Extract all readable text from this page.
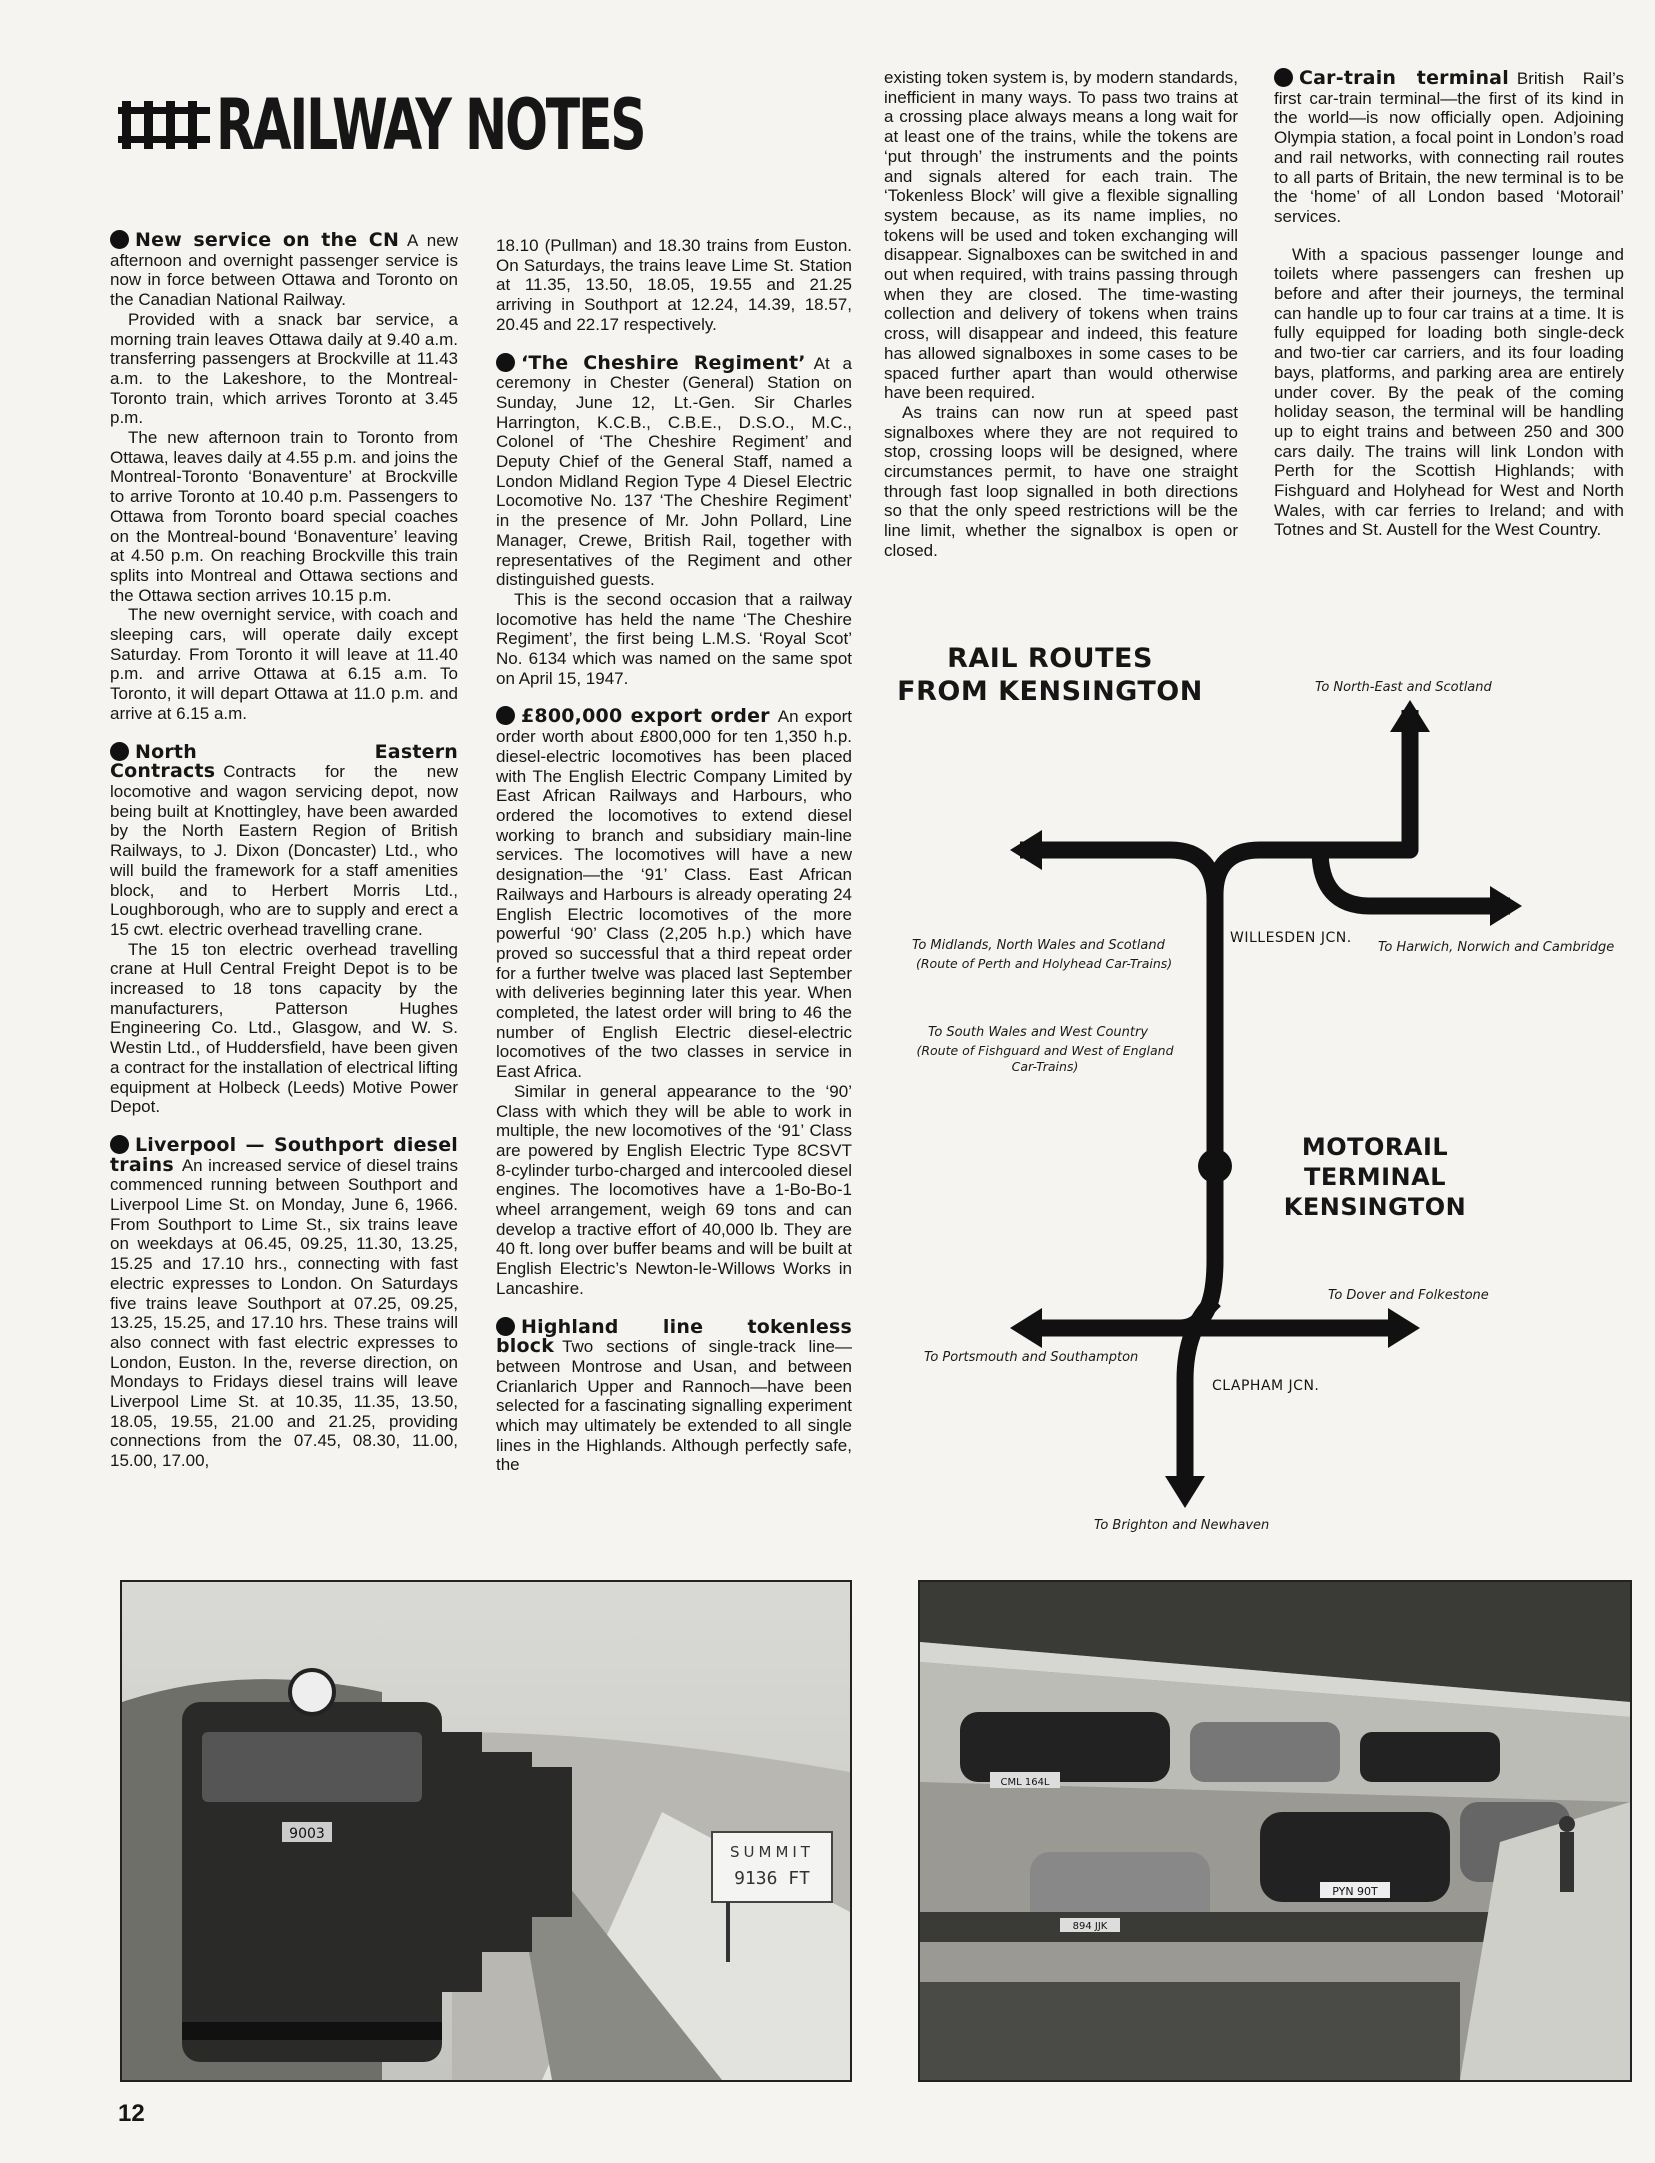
RAILWAY NOTES

New service on the CN A new afternoon and overnight passenger service is now in force between Ottawa and Toronto on the Canadian National Railway.

Provided with a snack bar service, a morning train leaves Ottawa daily at 9.40 a.m. transferring passengers at Brockville at 11.43 a.m. to the Lakeshore, to the Montreal-Toronto train, which arrives Toronto at 3.45 p.m.

The new afternoon train to Toronto from Ottawa, leaves daily at 4.55 p.m. and joins the Montreal-Toronto ‘Bonaventure’ at Brockville to arrive Toronto at 10.40 p.m. Passengers to Ottawa from Toronto board special coaches on the Montreal-bound ‘Bonaventure’ leaving at 4.50 p.m. On reaching Brockville this train splits into Montreal and Ottawa sections and the Ottawa section arrives 10.15 p.m.

The new overnight service, with coach and sleeping cars, will operate daily except Saturday. From Toronto it will leave at 11.40 p.m. and arrive Ottawa at 6.15 a.m. To Toronto, it will depart Ottawa at 11.0 p.m. and arrive at 6.15 a.m.

North Eastern Contracts Contracts for the new locomotive and wagon servicing depot, now being built at Knottingley, have been awarded by the North Eastern Region of British Railways, to J. Dixon (Doncaster) Ltd., who will build the framework for a staff amenities block, and to Herbert Morris Ltd., Loughborough, who are to supply and erect a 15 cwt. electric overhead travelling crane.

The 15 ton electric overhead travelling crane at Hull Central Freight Depot is to be increased to 18 tons capacity by the manufacturers, Patterson Hughes Engineering Co. Ltd., Glasgow, and W. S. Westin Ltd., of Huddersfield, have been given a contract for the installation of electrical lifting equipment at Holbeck (Leeds) Motive Power Depot.

Liverpool — Southport diesel trains An increased service of diesel trains commenced running between Southport and Liverpool Lime St. on Monday, June 6, 1966. From Southport to Lime St., six trains leave on weekdays at 06.45, 09.25, 11.30, 13.25, 15.25 and 17.10 hrs., connecting with fast electric expresses to London. On Saturdays five trains leave Southport at 07.25, 09.25, 13.25, 15.25, and 17.10 hrs. These trains will also connect with fast electric expresses to London, Euston. In the, reverse direction, on Mondays to Fridays diesel trains will leave Liverpool Lime St. at 10.35, 11.35, 13.50, 18.05, 19.55, 21.00 and 21.25, providing connections from the 07.45, 08.30, 11.00, 15.00, 17.00,

18.10 (Pullman) and 18.30 trains from Euston. On Saturdays, the trains leave Lime St. Station at 11.35, 13.50, 18.05, 19.55 and 21.25 arriving in Southport at 12.24, 14.39, 18.57, 20.45 and 22.17 respectively.

‘The Cheshire Regiment’ At a ceremony in Chester (General) Station on Sunday, June 12, Lt.-Gen. Sir Charles Harrington, K.C.B., C.B.E., D.S.O., M.C., Colonel of ‘The Cheshire Regiment’ and Deputy Chief of the General Staff, named a London Midland Region Type 4 Diesel Electric Locomotive No. 137 ‘The Cheshire Regiment’ in the presence of Mr. John Pollard, Line Manager, Crewe, British Rail, together with representatives of the Regiment and other distinguished guests.

This is the second occasion that a railway locomotive has held the name ‘The Cheshire Regiment’, the first being L.M.S. ‘Royal Scot’ No. 6134 which was named on the same spot on April 15, 1947.

£800,000 export order An export order worth about £800,000 for ten 1,350 h.p. diesel-electric locomotives has been placed with The English Electric Company Limited by East African Railways and Harbours, who ordered the locomotives to extend diesel working to branch and subsidiary main-line services. The locomotives will have a new designation—the ‘91’ Class. East African Railways and Harbours is already operating 24 English Electric locomotives of the more powerful ‘90’ Class (2,205 h.p.) which have proved so successful that a third repeat order for a further twelve was placed last September with deliveries beginning later this year. When completed, the latest order will bring to 46 the number of English Electric diesel-electric locomotives of the two classes in service in East Africa.

Similar in general appearance to the ‘90’ Class with which they will be able to work in multiple, the new locomotives of the ‘91’ Class are powered by English Electric Type 8CSVT 8-cylinder turbo-charged and intercooled diesel engines. The locomotives have a 1-Bo-Bo-1 wheel arrangement, weigh 69 tons and can develop a tractive effort of 40,000 lb. They are 40 ft. long over buffer beams and will be built at English Electric’s Newton-le-Willows Works in Lancashire.

Highland line tokenless block Two sections of single-track line—between Montrose and Usan, and between Crianlarich Upper and Rannoch—have been selected for a fascinating signalling experiment which may ultimately be extended to all single lines in the Highlands. Although perfectly safe, the

existing token system is, by modern standards, inefficient in many ways. To pass two trains at a crossing place always means a long wait for at least one of the trains, while the tokens are ‘put through’ the instruments and the points and signals altered for each train. The ‘Tokenless Block’ will give a flexible signalling system because, as its name implies, no tokens will be used and token exchanging will disappear. Signalboxes can be switched in and out when required, with trains passing through when they are closed. The time-wasting collection and delivery of tokens when trains cross, will disappear and indeed, this feature has allowed signalboxes in some cases to be spaced further apart than would otherwise have been required.

As trains can now run at speed past signalboxes where they are not required to stop, crossing loops will be designed, where circumstances permit, to have one straight through fast loop signalled in both directions so that the only speed restrictions will be the line limit, whether the signalbox is open or closed.

Car-train terminal British Rail’s first car-train terminal—the first of its kind in the world—is now officially open. Adjoining Olympia station, a focal point in London’s road and rail networks, with connecting rail routes to all parts of Britain, the new terminal is to be the ‘home’ of all London based ‘Motorail’ services.

With a spacious passenger lounge and toilets where passengers can freshen up before and after their journeys, the terminal can handle up to four car trains at a time. It is fully equipped for loading both single-deck and two-tier car carriers, and its four loading bays, platforms, and parking area are entirely under cover. By the peak of the coming holiday season, the terminal will be handling up to eight trains and between 250 and 300 cars daily. The trains will link London with Perth for the Scottish Highlands; with Fishguard and Holyhead for West and North Wales, with car ferries to Ireland; and with Totnes and St. Austell for the West Country.

RAIL ROUTES
FROM KENSINGTON	To North-East and Scotland
To Midlands, North Wales and Scotland
(Route of Perth and Holyhead Car-Trains)
WILLESDEN JCN.
To Harwich, Norwich and Cambridge
To South Wales and West Country
(Route of Fishguard and West of England
Car-Trains)
MOTORAIL TERMINAL
KENSINGTON
To Dover and Folkestone
To Portsmouth and Southampton
CLAPHAM JCN.
To Brighton and Newhaven
9003
SUMMIT
9136 FT
PYN 90T
CML 164L
894 JJK
12
